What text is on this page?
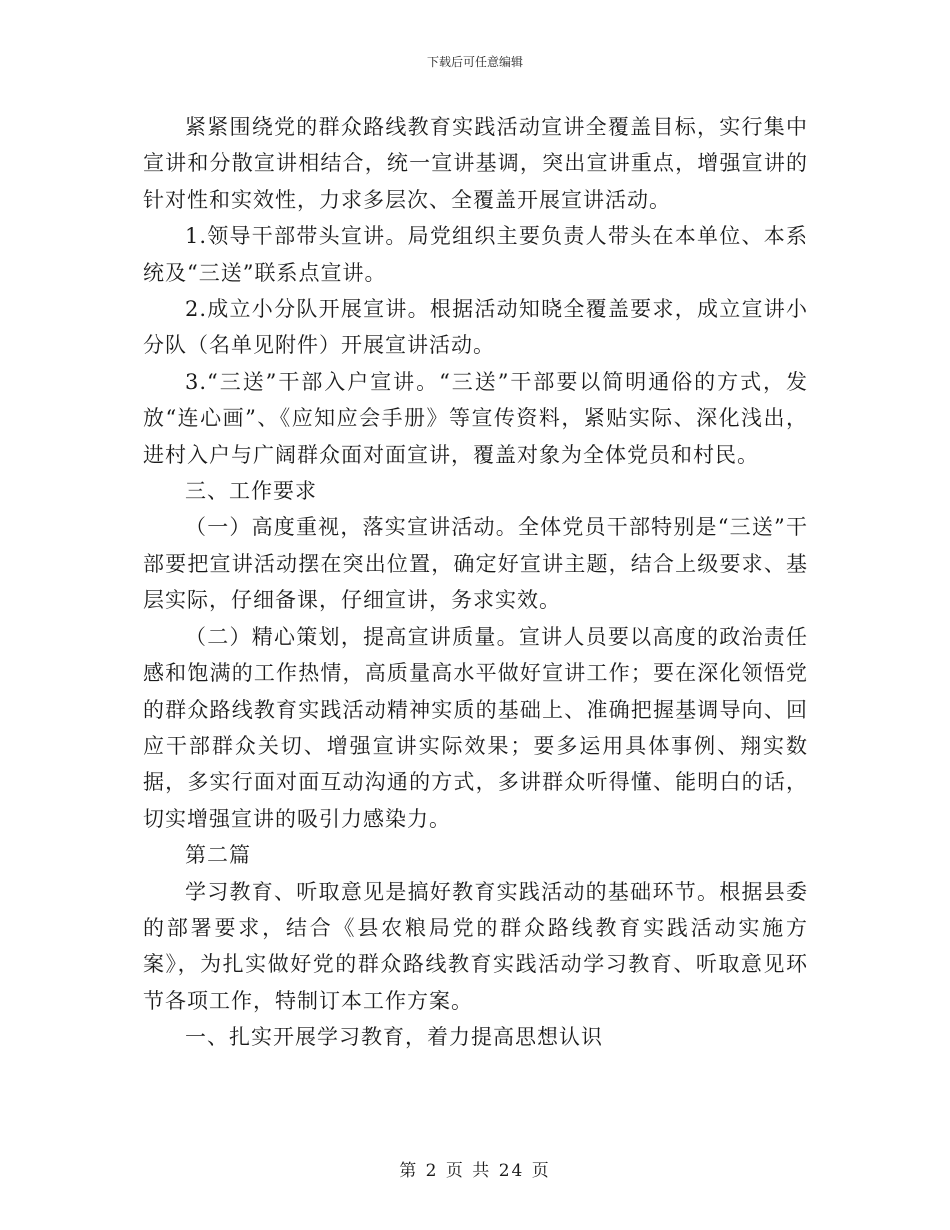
下载后可任意编辑

紧紧围绕党的群众路线教育实践活动宣讲全覆盖目标，实行集中宣讲和分散宣讲相结合，统一宣讲基调，突出宣讲重点，增强宣讲的针对性和实效性，力求多层次、全覆盖开展宣讲活动。

1.领导干部带头宣讲。局党组织主要负责人带头在本单位、本系统及“三送”联系点宣讲。

2.成立小分队开展宣讲。根据活动知晓全覆盖要求，成立宣讲小分队（名单见附件）开展宣讲活动。

3.“三送”干部入户宣讲。“三送”干部要以简明通俗的方式，发放“连心画”、《应知应会手册》等宣传资料，紧贴实际、深化浅出，进村入户与广阔群众面对面宣讲，覆盖对象为全体党员和村民。

三、工作要求

（一）高度重视，落实宣讲活动。全体党员干部特别是“三送”干部要把宣讲活动摆在突出位置，确定好宣讲主题，结合上级要求、基层实际，仔细备课，仔细宣讲，务求实效。

（二）精心策划，提高宣讲质量。宣讲人员要以高度的政治责任感和饱满的工作热情，高质量高水平做好宣讲工作；要在深化领悟党的群众路线教育实践活动精神实质的基础上、准确把握基调导向、回应干部群众关切、增强宣讲实际效果；要多运用具体事例、翔实数据，多实行面对面互动沟通的方式，多讲群众听得懂、能明白的话，切实增强宣讲的吸引力感染力。

第二篇

学习教育、听取意见是搞好教育实践活动的基础环节。根据县委的部署要求，结合《县农粮局党的群众路线教育实践活动实施方案》，为扎实做好党的群众路线教育实践活动学习教育、听取意见环节各项工作，特制订本工作方案。

一、扎实开展学习教育，着力提高思想认识

第 2 页 共 24 页
